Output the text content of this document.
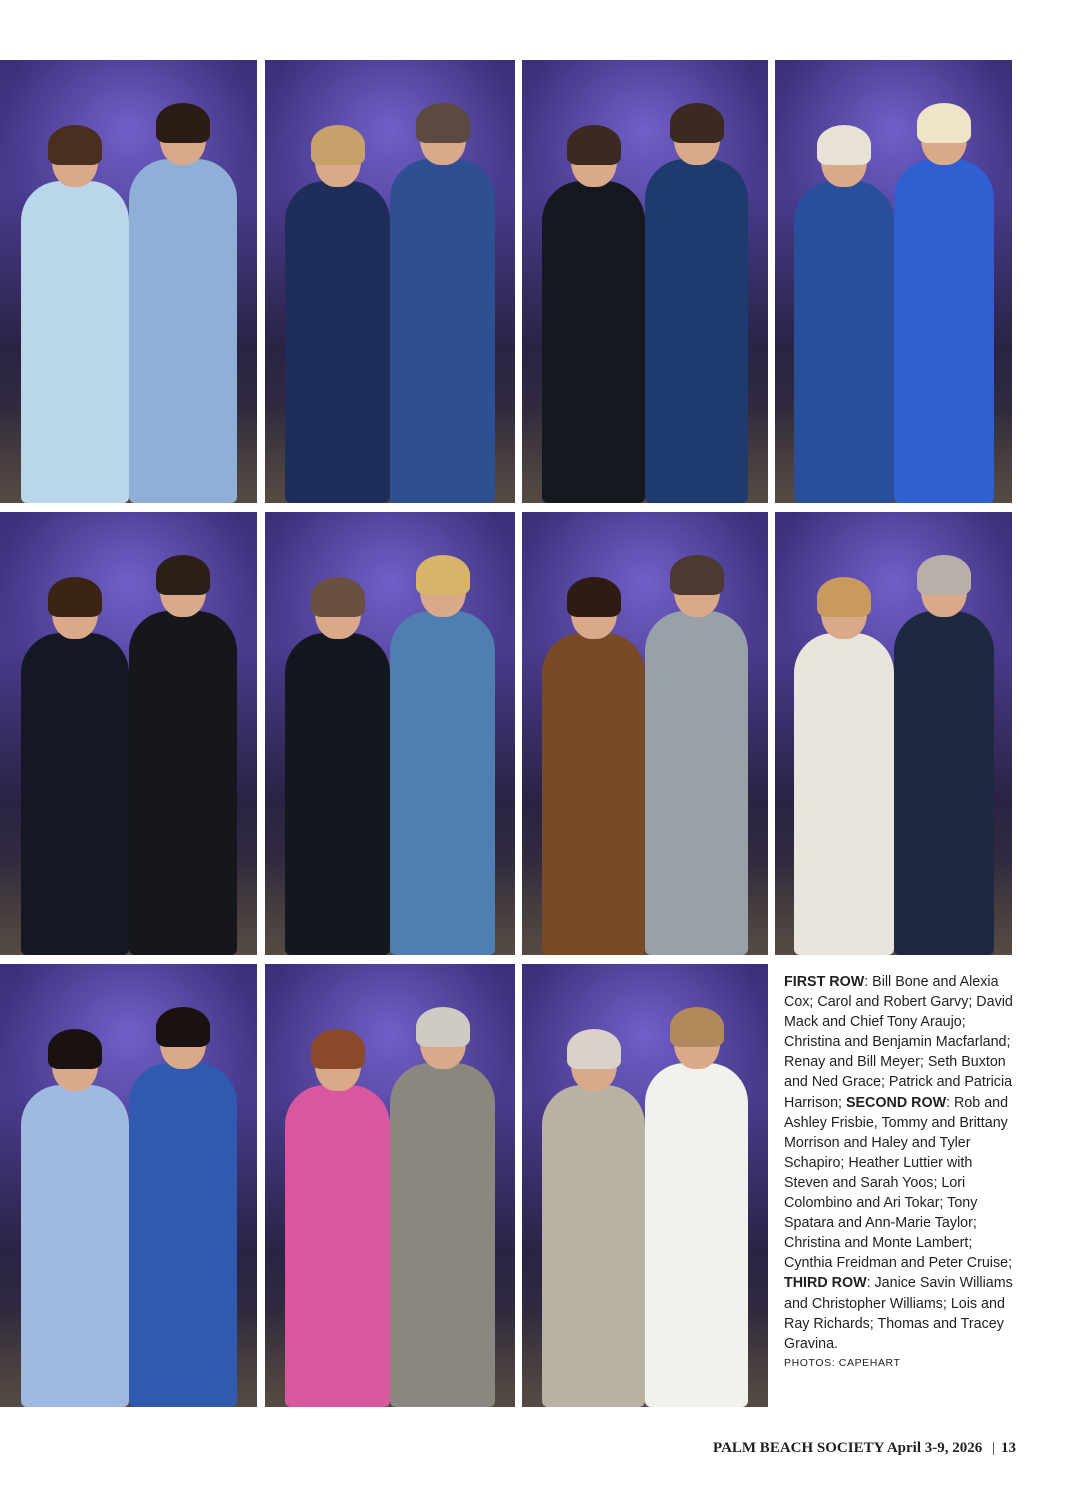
FIRST ROW: Bill Bone and Alexia Cox; Carol and Robert Garvy; David Mack and Chief Tony Araujo; Christina and Benjamin Macfarland; Renay and Bill Meyer; Seth Buxton and Ned Grace; Patrick and Patricia Harrison; SECOND ROW: Rob and Ashley Frisbie, Tommy and Brittany Morrison and Haley and Tyler Schapiro; Heather Luttier with Steven and Sarah Yoos; Lori Colombino and Ari Tokar; Tony Spatara and Ann-Marie Taylor; Christina and Monte Lambert; Cynthia Freidman and Peter Cruise; THIRD ROW: Janice Savin Williams and Christopher Williams; Lois and Ray Richards; Thomas and Tracey Gravina.
PHOTOS: CAPEHART
PALM BEACH SOCIETY April 3-9, 2026 | 13
